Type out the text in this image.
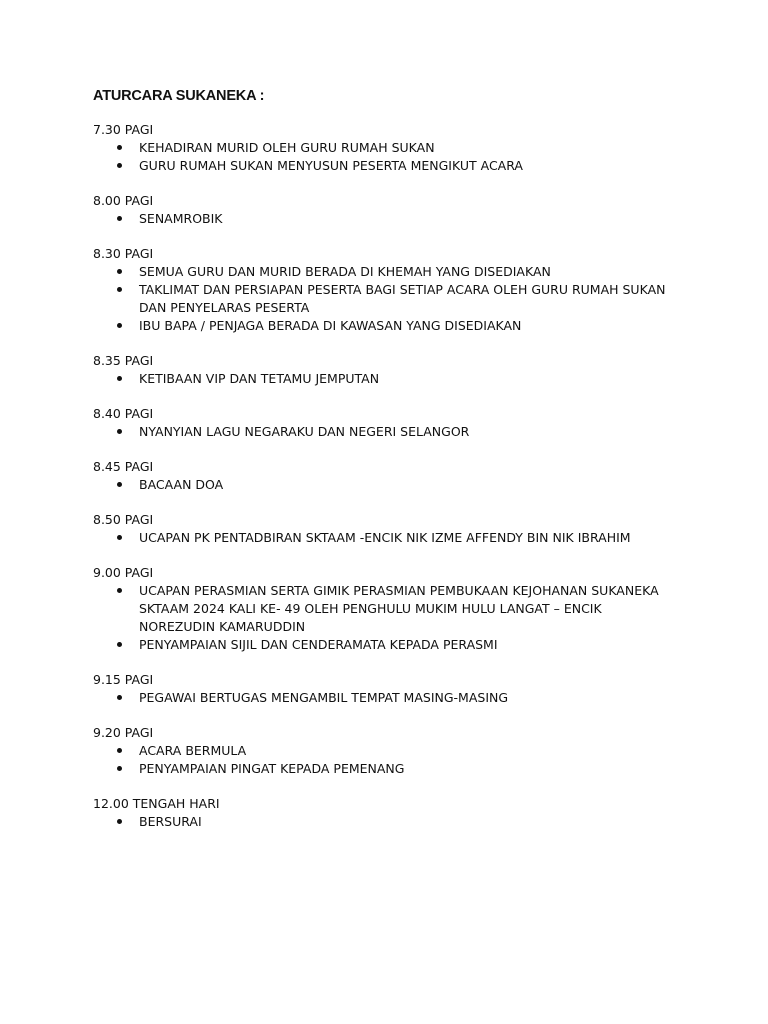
ATURCARA SUKANEKA :
7.30 PAGI
KEHADIRAN MURID OLEH GURU RUMAH SUKAN
GURU RUMAH SUKAN MENYUSUN PESERTA MENGIKUT ACARA
8.00 PAGI
SENAMROBIK
8.30 PAGI
SEMUA GURU DAN MURID BERADA DI KHEMAH YANG DISEDIAKAN
TAKLIMAT DAN PERSIAPAN PESERTA BAGI SETIAP ACARA OLEH GURU RUMAH SUKAN DAN PENYELARAS PESERTA
IBU BAPA / PENJAGA BERADA DI KAWASAN YANG DISEDIAKAN
8.35 PAGI
KETIBAAN VIP DAN TETAMU JEMPUTAN
8.40 PAGI
NYANYIAN LAGU NEGARAKU DAN NEGERI SELANGOR
8.45 PAGI
BACAAN DOA
8.50 PAGI
UCAPAN PK PENTADBIRAN SKTAAM -ENCIK NIK IZME AFFENDY BIN NIK IBRAHIM
9.00 PAGI
UCAPAN PERASMIAN SERTA GIMIK PERASMIAN PEMBUKAAN KEJOHANAN SUKANEKA SKTAAM 2024 KALI KE- 49 OLEH PENGHULU MUKIM HULU LANGAT – ENCIK NOREZUDIN KAMARUDDIN
PENYAMPAIAN SIJIL DAN CENDERAMATA KEPADA PERASMI
9.15 PAGI
PEGAWAI BERTUGAS MENGAMBIL TEMPAT MASING-MASING
9.20 PAGI
ACARA BERMULA
PENYAMPAIAN PINGAT KEPADA PEMENANG
12.00 TENGAH HARI
BERSURAI
